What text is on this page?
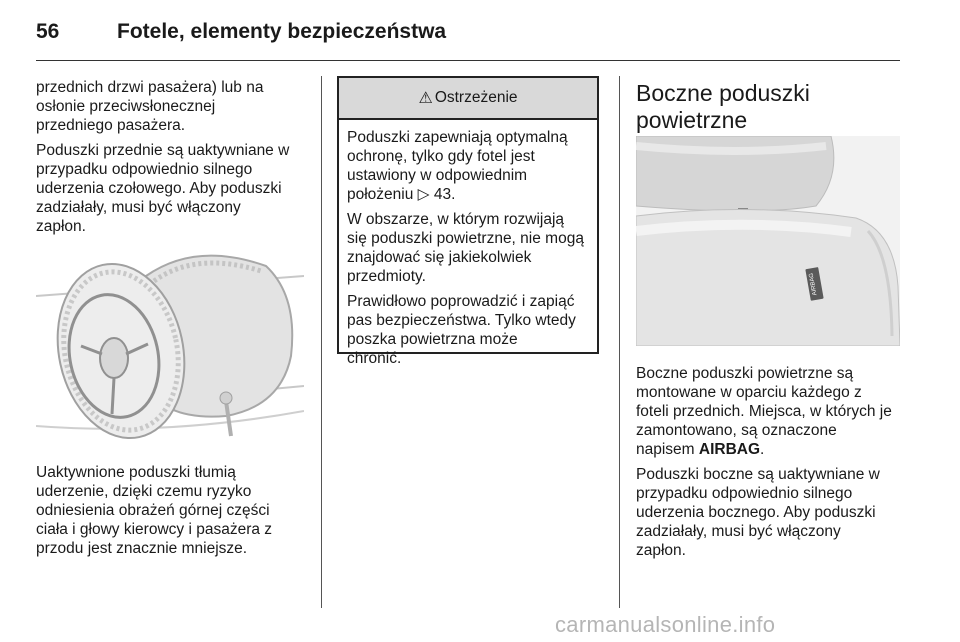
56	Fotele, elementy bezpieczeństwa

przednich drzwi pasażera) lub na
osłonie przeciwsłonecznej
przedniego pasażera.

Poduszki przednie są uaktywniane w
przypadku odpowiednio silnego
uderzenia czołowego. Aby poduszki
zadziałały, musi być włączony
zapłon.

Uaktywnione poduszki tłumią
uderzenie, dzięki czemu ryzyko
odniesienia obrażeń górnej części
ciała i głowy kierowcy i pasażera z
przodu jest znacznie mniejsze.
⚠ Ostrzeżenie

Poduszki zapewniają optymalną
ochronę, tylko gdy fotel jest
ustawiony w odpowiednim
położeniu ▷ 43.

W obszarze, w którym rozwijają
się poduszki powietrzne, nie mogą
znajdować się jakiekolwiek
przedmioty.

Prawidłowo poprowadzić i zapiąć
pas bezpieczeństwa. Tylko wtedy
poszka powietrzna może
chronić.

Boczne poduszki
powietrzne
AIRBAG

Boczne poduszki powietrzne są
montowane w oparciu każdego z
foteli przednich. Miejsca, w których je
zamontowano, są oznaczone
napisem AIRBAG.

Poduszki boczne są uaktywniane w
przypadku odpowiednio silnego
uderzenia bocznego. Aby poduszki
zadziałały, musi być włączony
zapłon.

carmanualsonline.info
